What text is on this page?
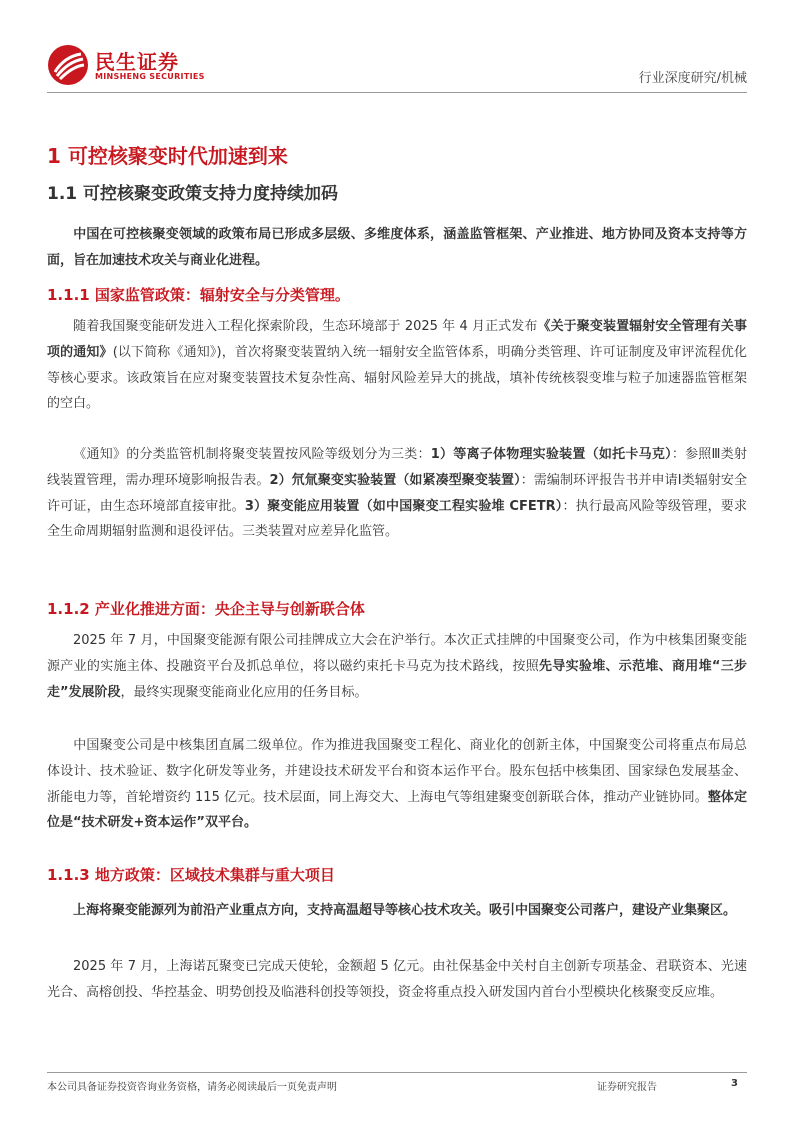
民生证券
MINSHENG SECURITIES	行业深度研究/机械
1 可控核聚变时代加速到来
1.1 可控核聚变政策支持力度持续加码
中国在可控核聚变领域的政策布局已形成多层级、多维度体系，涵盖监管框架、产业推进、地方协同及资本支持等方面，旨在加速技术攻关与商业化进程。
1.1.1 国家监管政策：辐射安全与分类管理。
随着我国聚变能研发进入工程化探索阶段，生态环境部于 2025 年 4 月正式发布《关于聚变装置辐射安全管理有关事项的通知》(以下简称《通知》)，首次将聚变装置纳入统一辐射安全监管体系，明确分类管理、许可证制度及审评流程优化等核心要求。该政策旨在应对聚变装置技术复杂性高、辐射风险差异大的挑战，填补传统核裂变堆与粒子加速器监管框架的空白。
《通知》的分类监管机制将聚变装置按风险等级划分为三类：1）等离子体物理实验装置（如托卡马克）：参照Ⅲ类射线装置管理，需办理环境影响报告表。2）氘氚聚变实验装置（如紧凑型聚变装置）：需编制环评报告书并申请Ⅰ类辐射安全许可证，由生态环境部直接审批。3）聚变能应用装置（如中国聚变工程实验堆 CFETR）：执行最高风险等级管理，要求全生命周期辐射监测和退役评估。三类装置对应差异化监管。
1.1.2 产业化推进方面：央企主导与创新联合体
2025 年 7 月，中国聚变能源有限公司挂牌成立大会在沪举行。本次正式挂牌的中国聚变公司，作为中核集团聚变能源产业的实施主体、投融资平台及抓总单位，将以磁约束托卡马克为技术路线，按照先导实验堆、示范堆、商用堆“三步走”发展阶段，最终实现聚变能商业化应用的任务目标。
中国聚变公司是中核集团直属二级单位。作为推进我国聚变工程化、商业化的创新主体，中国聚变公司将重点布局总体设计、技术验证、数字化研发等业务，并建设技术研发平台和资本运作平台。股东包括中核集团、国家绿色发展基金、浙能电力等，首轮增资约 115 亿元。技术层面，同上海交大、上海电气等组建聚变创新联合体，推动产业链协同。整体定位是“技术研发+资本运作”双平台。
1.1.3 地方政策：区域技术集群与重大项目
上海将聚变能源列为前沿产业重点方向，支持高温超导等核心技术攻关。吸引中国聚变公司落户，建设产业集聚区。
2025 年 7 月，上海诺瓦聚变已完成天使轮，金额超 5 亿元。由社保基金中关村自主创新专项基金、君联资本、光速光合、高榕创投、华控基金、明势创投及临港科创投等领投，资金将重点投入研发国内首台小型模块化核聚变反应堆。
本公司具备证券投资咨询业务资格，请务必阅读最后一页免责声明	证券研究报告	3
